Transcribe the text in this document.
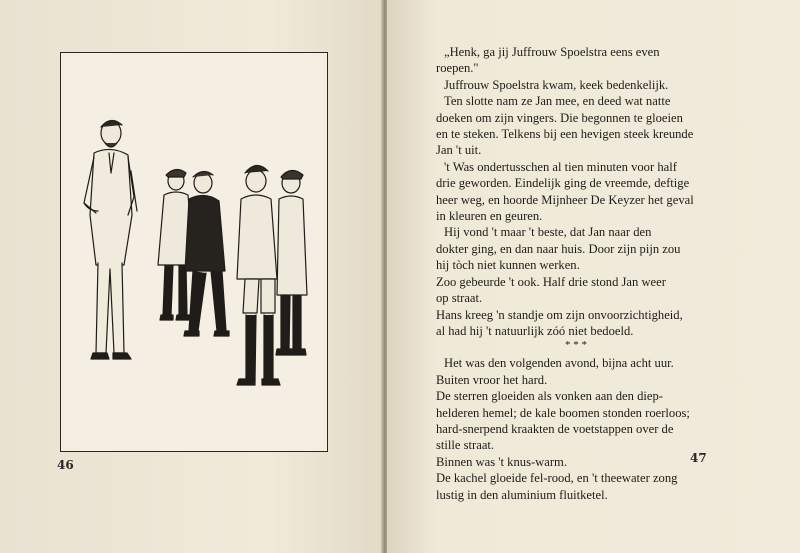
46

„Henk, ga jij Juffrouw Spoelstra eens even

roepen."

Juffrouw Spoelstra kwam, keek bedenkelijk.

Ten slotte nam ze Jan mee, en deed wat natte

doeken om zijn vingers. Die begonnen te gloeien

en te steken. Telkens bij een hevigen steek kreunde

Jan 't uit.

't Was ondertusschen al tien minuten voor half

drie geworden. Eindelijk ging de vreemde, deftige

heer weg, en hoorde Mijnheer De Keyzer het geval

in kleuren en geuren.

Hij vond 't maar 't beste, dat Jan naar den

dokter ging, en dan naar huis. Door zijn pijn zou

hij tòch niet kunnen werken.

Zoo gebeurde 't ook. Half drie stond Jan weer

op straat.

Hans kreeg 'n standje om zijn onvoorzichtigheid,

al had hij 't natuurlijk zóó niet bedoeld.

* * *

Het was den volgenden avond, bijna acht uur.

Buiten vroor het hard.

De sterren gloeiden als vonken aan den diep-

helderen hemel; de kale boomen stonden roerloos;

hard-snerpend kraakten de voetstappen over de

stille straat.

Binnen was 't knus-warm.

De kachel gloeide fel-rood, en 't theewater zong

lustig in den aluminium fluitketel.

47
